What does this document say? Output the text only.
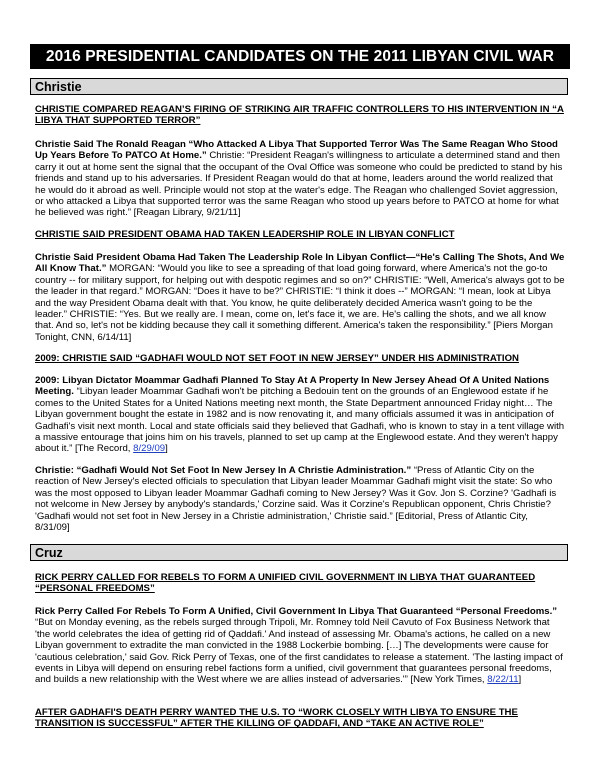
2016 PRESIDENTIAL CANDIDATES ON THE 2011 LIBYAN CIVIL WAR
Christie
CHRISTIE COMPARED REAGAN’S FIRING OF STRIKING AIR TRAFFIC CONTROLLERS TO HIS INTERVENTION IN “A LIBYA THAT SUPPORTED TERROR”
Christie Said The Ronald Reagan “Who Attacked A Libya That Supported Terror Was The Same Reagan Who Stood Up Years Before To PATCO At Home.” Christie: “President Reagan's willingness to articulate a determined stand and then carry it out at home sent the signal that the occupant of the Oval Office was someone who could be predicted to stand by his friends and stand up to his adversaries. If President Reagan would do that at home, leaders around the world realized that he would do it abroad as well. Principle would not stop at the water's edge. The Reagan who challenged Soviet aggression, or who attacked a Libya that supported terror was the same Reagan who stood up years before to PATCO at home for what he believed was right.” [Reagan Library, 9/21/11]
CHRISTIE SAID PRESIDENT OBAMA HAD TAKEN LEADERSHIP ROLE IN LIBYAN CONFLICT
Christie Said President Obama Had Taken The Leadership Role In Libyan Conflict—“He's Calling The Shots, And We All Know That.” MORGAN: “Would you like to see a spreading of that load going forward, where America's not the go-to country -- for military support, for helping out with despotic regimes and so on?” CHRISTIE: “Well, America's always got to be the leader in that regard.” MORGAN: “Does it have to be?” CHRISTIE: “I think it does --” MORGAN: “I mean, look at Libya and the way President Obama dealt with that. You know, he quite deliberately decided America wasn't going to be the leader.” CHRISTIE: “Yes. But we really are. I mean, come on, let's face it, we are. He's calling the shots, and we all know that. And so, let's not be kidding because they call it something different. America's taken the responsibility.” [Piers Morgan Tonight, CNN, 6/14/11]
2009: CHRISTIE SAID “GADHAFI WOULD NOT SET FOOT IN NEW JERSEY” UNDER HIS ADMINISTRATION
2009: Libyan Dictator Moammar Gadhafi Planned To Stay At A Property In New Jersey Ahead Of A United Nations Meeting. “Libyan leader Moammar Gadhafi won't be pitching a Bedouin tent on the grounds of an Englewood estate if he comes to the United States for a United Nations meeting next month, the State Department announced Friday night… The Libyan government bought the estate in 1982 and is now renovating it, and many officials assumed it was in anticipation of Gadhafi's visit next month. Local and state officials said they believed that Gadhafi, who is known to stay in a tent village with a massive entourage that joins him on his travels, planned to set up camp at the Englewood estate. And they weren't happy about it.” [The Record, 8/29/09]
Christie: “Gadhafi Would Not Set Foot In New Jersey In A Christie Administration.” “Press of Atlantic City on the reaction of New Jersey's elected officials to speculation that Libyan leader Moammar Gadhafi might visit the state: So who was the most opposed to Libyan leader Moammar Gadhafi coming to New Jersey? Was it Gov. Jon S. Corzine? 'Gadhafi is not welcome in New Jersey by anybody's standards,' Corzine said. Was it Corzine's Republican opponent, Chris Christie? 'Gadhafi would not set foot in New Jersey in a Christie administration,' Christie said.” [Editorial, Press of Atlantic City, 8/31/09]
Cruz
RICK PERRY CALLED FOR REBELS TO FORM A UNIFIED CIVIL GOVERNMENT IN LIBYA THAT GUARANTEED “PERSONAL FREEDOMS”
Rick Perry Called For Rebels To Form A Unified, Civil Government In Libya That Guaranteed “Personal Freedoms.” “But on Monday evening, as the rebels surged through Tripoli, Mr. Romney told Neil Cavuto of Fox Business Network that 'the world celebrates the idea of getting rid of Qaddafi.' And instead of assessing Mr. Obama's actions, he called on a new Libyan government to extradite the man convicted in the 1988 Lockerbie bombing. […] The developments were cause for 'cautious celebration,' said Gov. Rick Perry of Texas, one of the first candidates to release a statement. 'The lasting impact of events in Libya will depend on ensuring rebel factions form a unified, civil government that guarantees personal freedoms, and builds a new relationship with the West where we are allies instead of adversaries.'” [New York Times, 8/22/11]
AFTER GADHAFI'S DEATH PERRY WANTED THE U.S. TO “WORK CLOSELY WITH LIBYA TO ENSURE THE TRANSITION IS SUCCESSFUL” AFTER THE KILLING OF QADDAFI, AND “TAKE AN ACTIVE ROLE”
